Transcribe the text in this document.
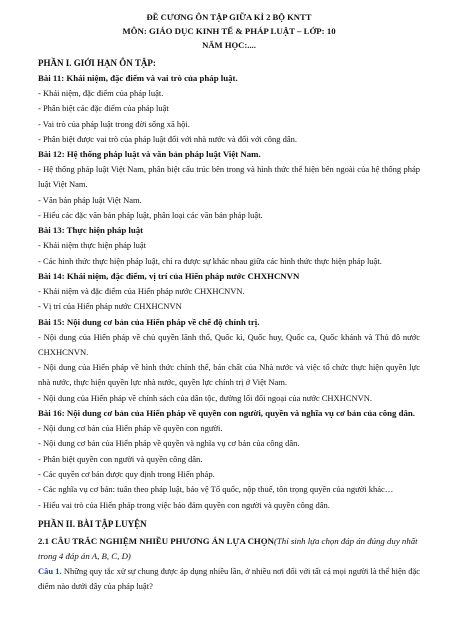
ĐỀ CƯƠNG ÔN TẬP GIỮA KÌ 2 BỘ KNTT
MÔN: GIÁO DỤC KINH TẾ & PHÁP LUẬT – LỚP: 10
NĂM HỌC:....
PHẦN I. GIỚI HẠN ÔN TẬP:
Bài 11: Khái niệm, đặc điểm và vai trò của pháp luật.
- Khái niệm, đặc điểm của pháp luật.
- Phân biệt các đặc điểm của pháp luật
- Vai trò của pháp luật trong đời sống xã hội.
- Phân biệt được vai trò của pháp luật đối với nhà nước và đối với công dân.
Bài 12: Hệ thống pháp luật và văn bản pháp luật Việt Nam.
- Hệ thống pháp luật Việt Nam, phân biệt cấu trúc bên trong và hình thức thể hiện bên ngoài của hệ thống pháp luật Việt Nam.
- Văn bản pháp luật Việt Nam.
- Hiểu các đặc văn bản pháp luật, phân loại các văn bản pháp luật.
Bài 13: Thực hiện pháp luật
- Khái niệm thực hiện pháp luật
- Các hình thức thực hiện pháp luật, chỉ ra được sự khác nhau giữa các hình thức thực hiện pháp luật.
Bài 14: Khái niệm, đặc điểm, vị trí của Hiến pháp nước CHXHCNVN
- Khái niệm và đặc điểm của Hiến pháp nước CHXHCNVN.
- Vị trí của Hiến pháp nước CHXHCNVN
Bài 15: Nội dung cơ bản của Hiến pháp về chế độ chính trị.
- Nội dung của Hiến pháp về chủ quyền lãnh thổ, Quốc kì, Quốc huy, Quốc ca, Quốc khánh và Thủ đô nước CHXHCNVN.
- Nội dung của Hiến pháp về hình thức chính thể, bản chất của Nhà nước và việc tổ chức thực hiện quyền lực nhà nước, thực hiện quyền lực nhà nước, quyền lực chính trị ở Việt Nam.
- Nội dung của Hiến pháp về chính sách của dân tộc, đường lối đối ngoại của nước CHXHCNVN.
Bài 16: Nội dung cơ bản của Hiến pháp về quyền con người, quyền và nghĩa vụ cơ bản của công dân.
- Nội dung cơ bản của Hiến pháp về quyền con người.
- Nội dung cơ bản của Hiến pháp về quyền và nghĩa vụ cơ bản của công dân.
- Phân biệt quyền con người và quyền công dân.
- Các quyền cơ bản được quy định trong Hiến pháp.
- Các nghĩa vụ cơ bản: tuân theo pháp luật, bảo vệ Tổ quốc, nộp thuế, tôn trọng quyền của người khác…
- Hiểu vai trò của Hiến pháp trong việc bảo đảm quyền con người và quyền công dân.
PHẦN II. BÀI TẬP LUYỆN
2.1 CÂU TRẮC NGHIỆM NHIỀU PHƯƠNG ÁN LỰA CHỌN(Thí sinh lựa chọn đáp án đúng duy nhất trong 4 đáp án A, B, C, D)
Câu 1. Những quy tắc xử sự chung được áp dụng nhiều lần, ở nhiều nơi đối với tất cả mọi người là thể hiện đặc điểm nào dưới đây của pháp luật?
